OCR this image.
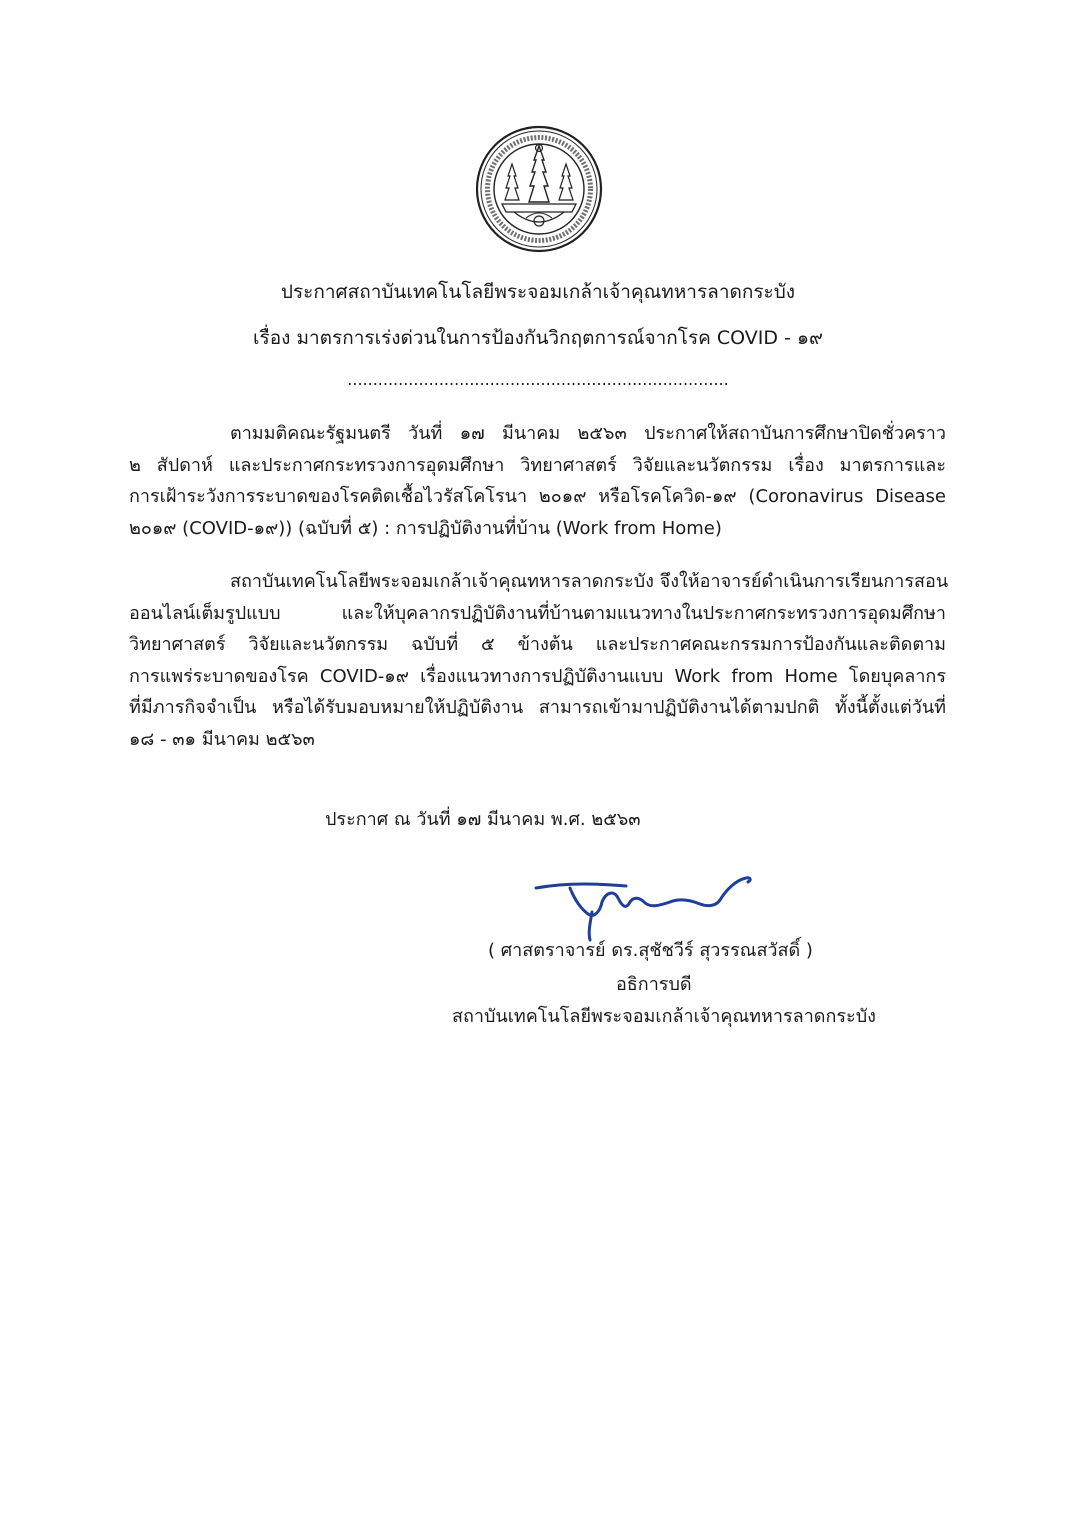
ประกาศสถาบันเทคโนโลยีพระจอมเกล้าเจ้าคุณทหารลาดกระบัง
เรื่อง มาตรการเร่งด่วนในการป้องกันวิกฤตการณ์จากโรค COVID - ๑๙
...........................................................................
ตามมติคณะรัฐมนตรี วันที่ ๑๗ มีนาคม ๒๕๖๓ ประกาศให้สถาบันการศึกษาปิดชั่วคราว
๒ สัปดาห์ และประกาศกระทรวงการอุดมศึกษา วิทยาศาสตร์ วิจัยและนวัตกรรม เรื่อง มาตรการและ
การเฝ้าระวังการระบาดของโรคติดเชื้อไวรัสโคโรนา ๒๐๑๙ หรือโรคโควิด-๑๙ (Coronavirus Disease
๒๐๑๙ (COVID-๑๙)) (ฉบับที่ ๕) : การปฏิบัติงานที่บ้าน (Work from Home)
สถาบันเทคโนโลยีพระจอมเกล้าเจ้าคุณทหารลาดกระบัง จึงให้อาจารย์ดำเนินการเรียนการสอน
ออนไลน์เต็มรูปแบบ และให้บุคลากรปฏิบัติงานที่บ้านตามแนวทางในประกาศกระทรวงการอุดมศึกษา
วิทยาศาสตร์ วิจัยและนวัตกรรม ฉบับที่ ๕ ข้างต้น และประกาศคณะกรรมการป้องกันและติดตาม
การแพร่ระบาดของโรค COVID-๑๙ เรื่องแนวทางการปฏิบัติงานแบบ Work from Home โดยบุคลากร
ที่มีภารกิจจำเป็น หรือได้รับมอบหมายให้ปฏิบัติงาน สามารถเข้ามาปฏิบัติงานได้ตามปกติ ทั้งนี้ตั้งแต่วันที่
๑๘ - ๓๑ มีนาคม ๒๕๖๓
ประกาศ ณ วันที่ ๑๗ มีนาคม พ.ศ. ๒๕๖๓
( ศาสตราจารย์ ดร.สุชัชวีร์ สุวรรณสวัสดิ์ )
อธิการบดี
สถาบันเทคโนโลยีพระจอมเกล้าเจ้าคุณทหารลาดกระบัง
